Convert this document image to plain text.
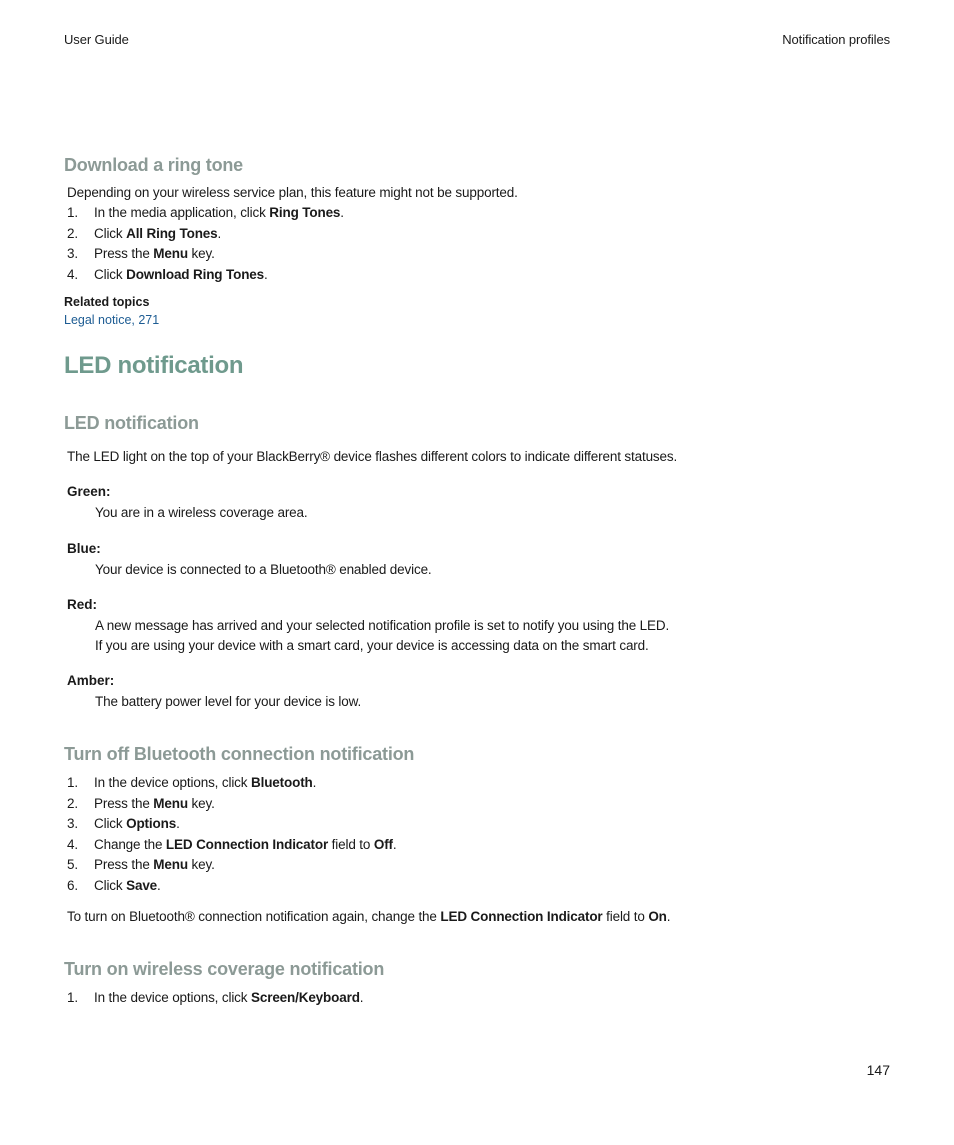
User Guide	Notification profiles
Download a ring tone

Depending on your wireless service plan, this feature might not be supported.

1. In the media application, click Ring Tones.
2. Click All Ring Tones.
3. Press the Menu key.
4. Click Download Ring Tones.

Related topics

Legal notice, 271

LED notification
LED notification

The LED light on the top of your BlackBerry® device flashes different colors to indicate different statuses.

Green:

You are in a wireless coverage area.

Blue:

Your device is connected to a Bluetooth® enabled device.

Red:

A new message has arrived and your selected notification profile is set to notify you using the LED.

If you are using your device with a smart card, your device is accessing data on the smart card.

Amber:

The battery power level for your device is low.

Turn off Bluetooth connection notification
1. In the device options, click Bluetooth.
2. Press the Menu key.
3. Click Options.
4. Change the LED Connection Indicator field to Off.
5. Press the Menu key.
6. Click Save.

To turn on Bluetooth® connection notification again, change the LED Connection Indicator field to On.

Turn on wireless coverage notification
1. In the device options, click Screen/Keyboard.
147
